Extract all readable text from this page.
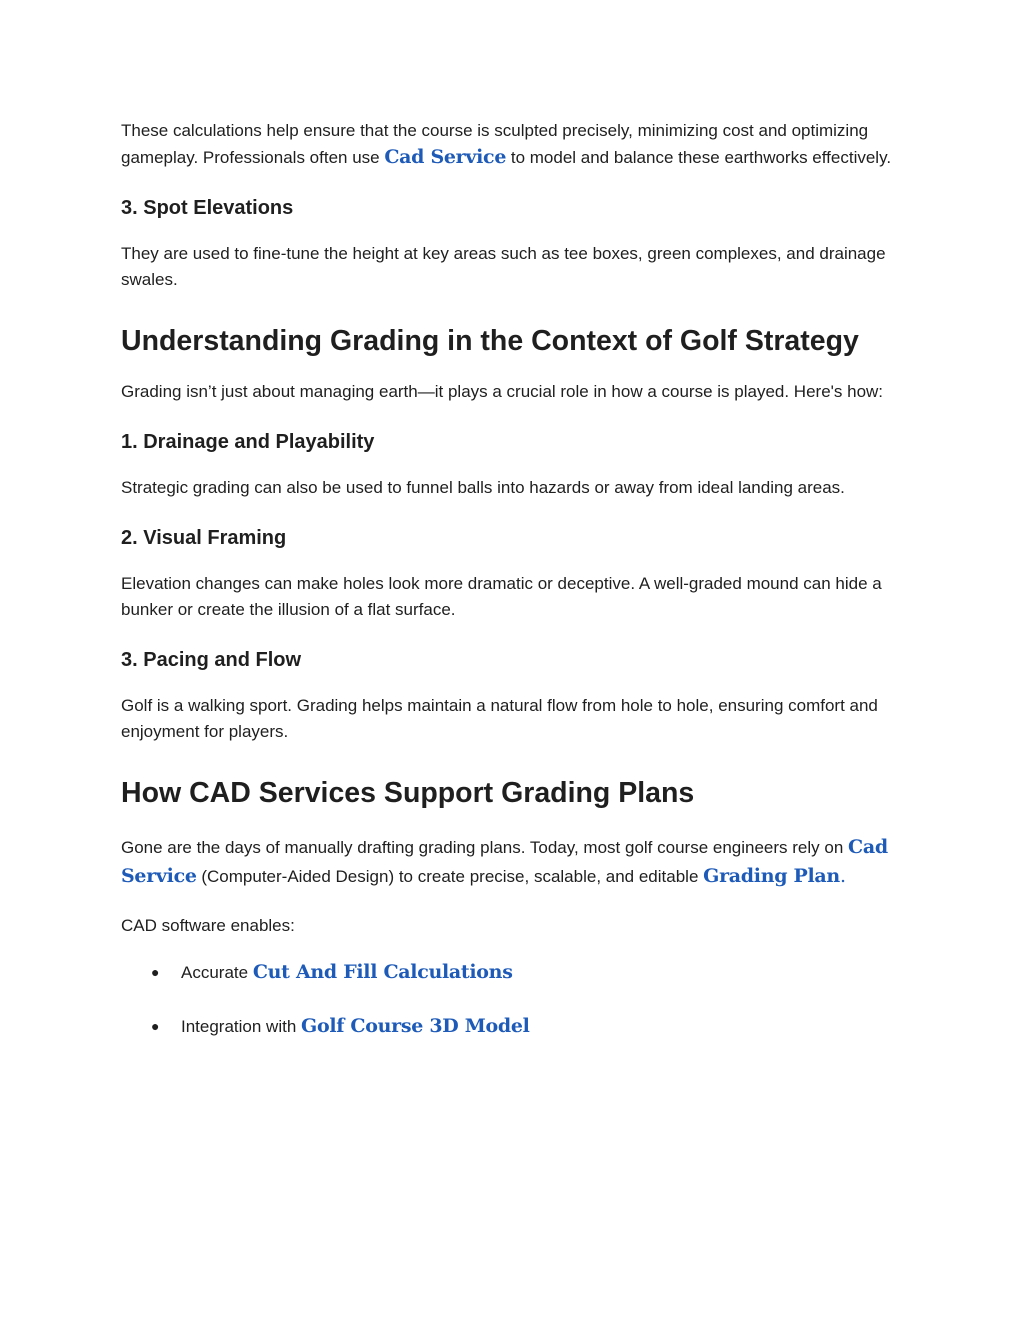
These calculations help ensure that the course is sculpted precisely, minimizing cost and optimizing gameplay. Professionals often use Cad Service to model and balance these earthworks effectively.

3. Spot Elevations

They are used to fine-tune the height at key areas such as tee boxes, green complexes, and drainage swales.

Understanding Grading in the Context of Golf Strategy

Grading isn’t just about managing earth—it plays a crucial role in how a course is played. Here's how:

1. Drainage and Playability

Strategic grading can also be used to funnel balls into hazards or away from ideal landing areas.

2. Visual Framing

Elevation changes can make holes look more dramatic or deceptive. A well-graded mound can hide a bunker or create the illusion of a flat surface.

3. Pacing and Flow

Golf is a walking sport. Grading helps maintain a natural flow from hole to hole, ensuring comfort and enjoyment for players.

How CAD Services Support Grading Plans

Gone are the days of manually drafting grading plans. Today, most golf course engineers rely on Cad Service (Computer-Aided Design) to create precise, scalable, and editable Grading Plan.

CAD software enables:

● Accurate Cut And Fill Calculations
● Integration with Golf Course 3D Model
